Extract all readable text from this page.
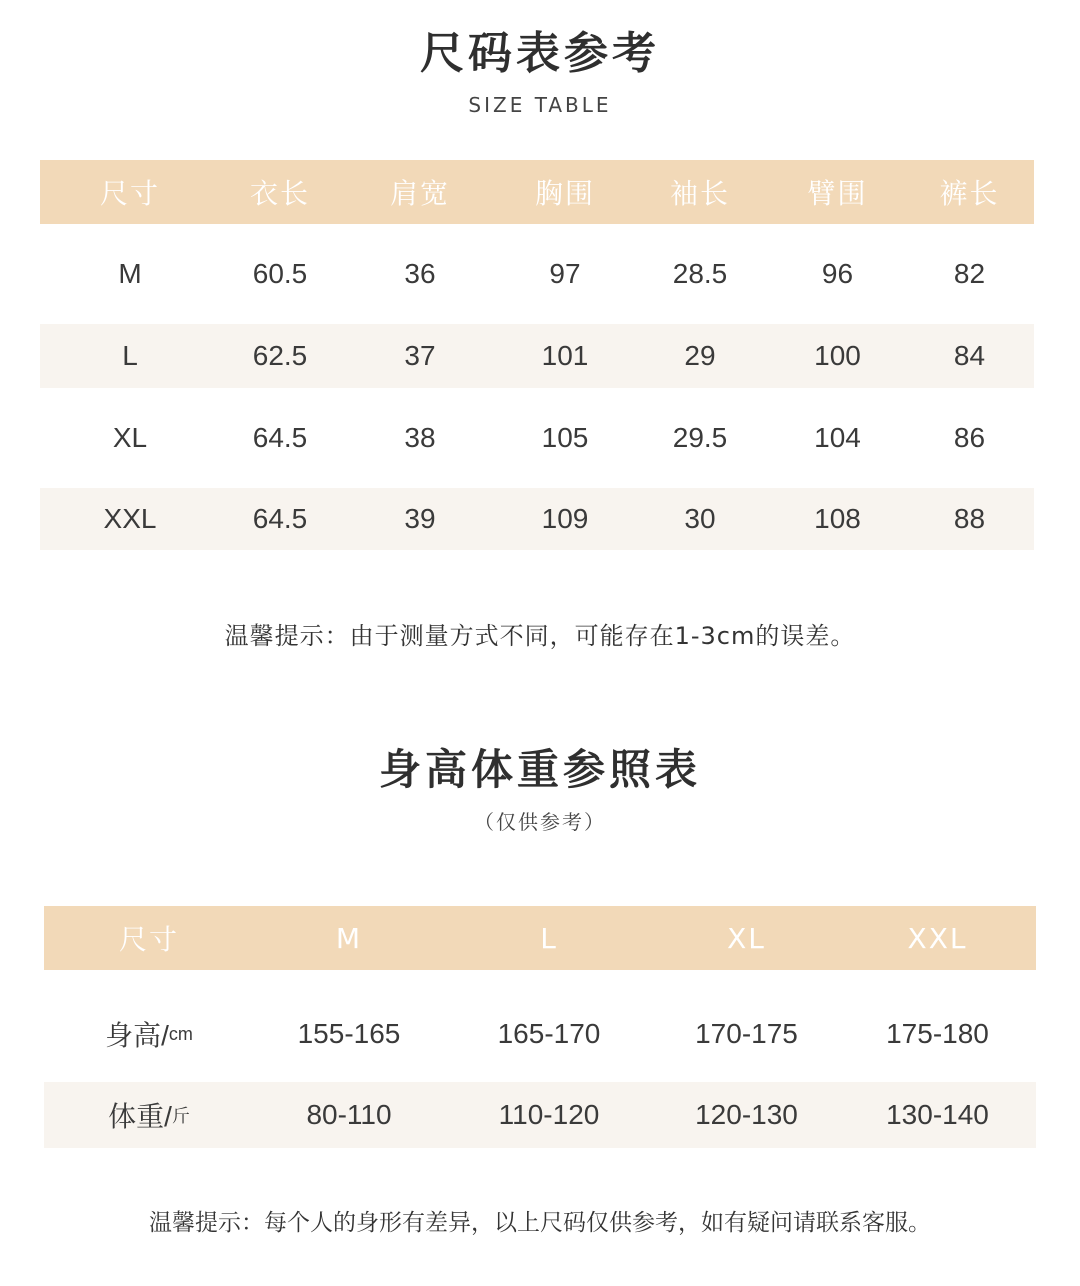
尺码表参考
SIZE TABLE
尺寸	衣长	肩宽	胸围	袖长	臂围	裤长
M	60.5	36	97	28.5	96	82
L	62.5	37	101	29	100	84
XL	64.5	38	105	29.5	104	86
XXL	64.5	39	109	30	108	88
温馨提示：由于测量方式不同，可能存在1-3cm的误差。
身高体重参照表
（仅供参考）
尺寸	M	L	XL	XXL
身高/ cm	155-165	165-170	170-175	175-180
体重/ 斤	80-110	110-120	120-130	130-140
温馨提示：每个人的身形有差异，以上尺码仅供参考，如有疑问请联系客服。
